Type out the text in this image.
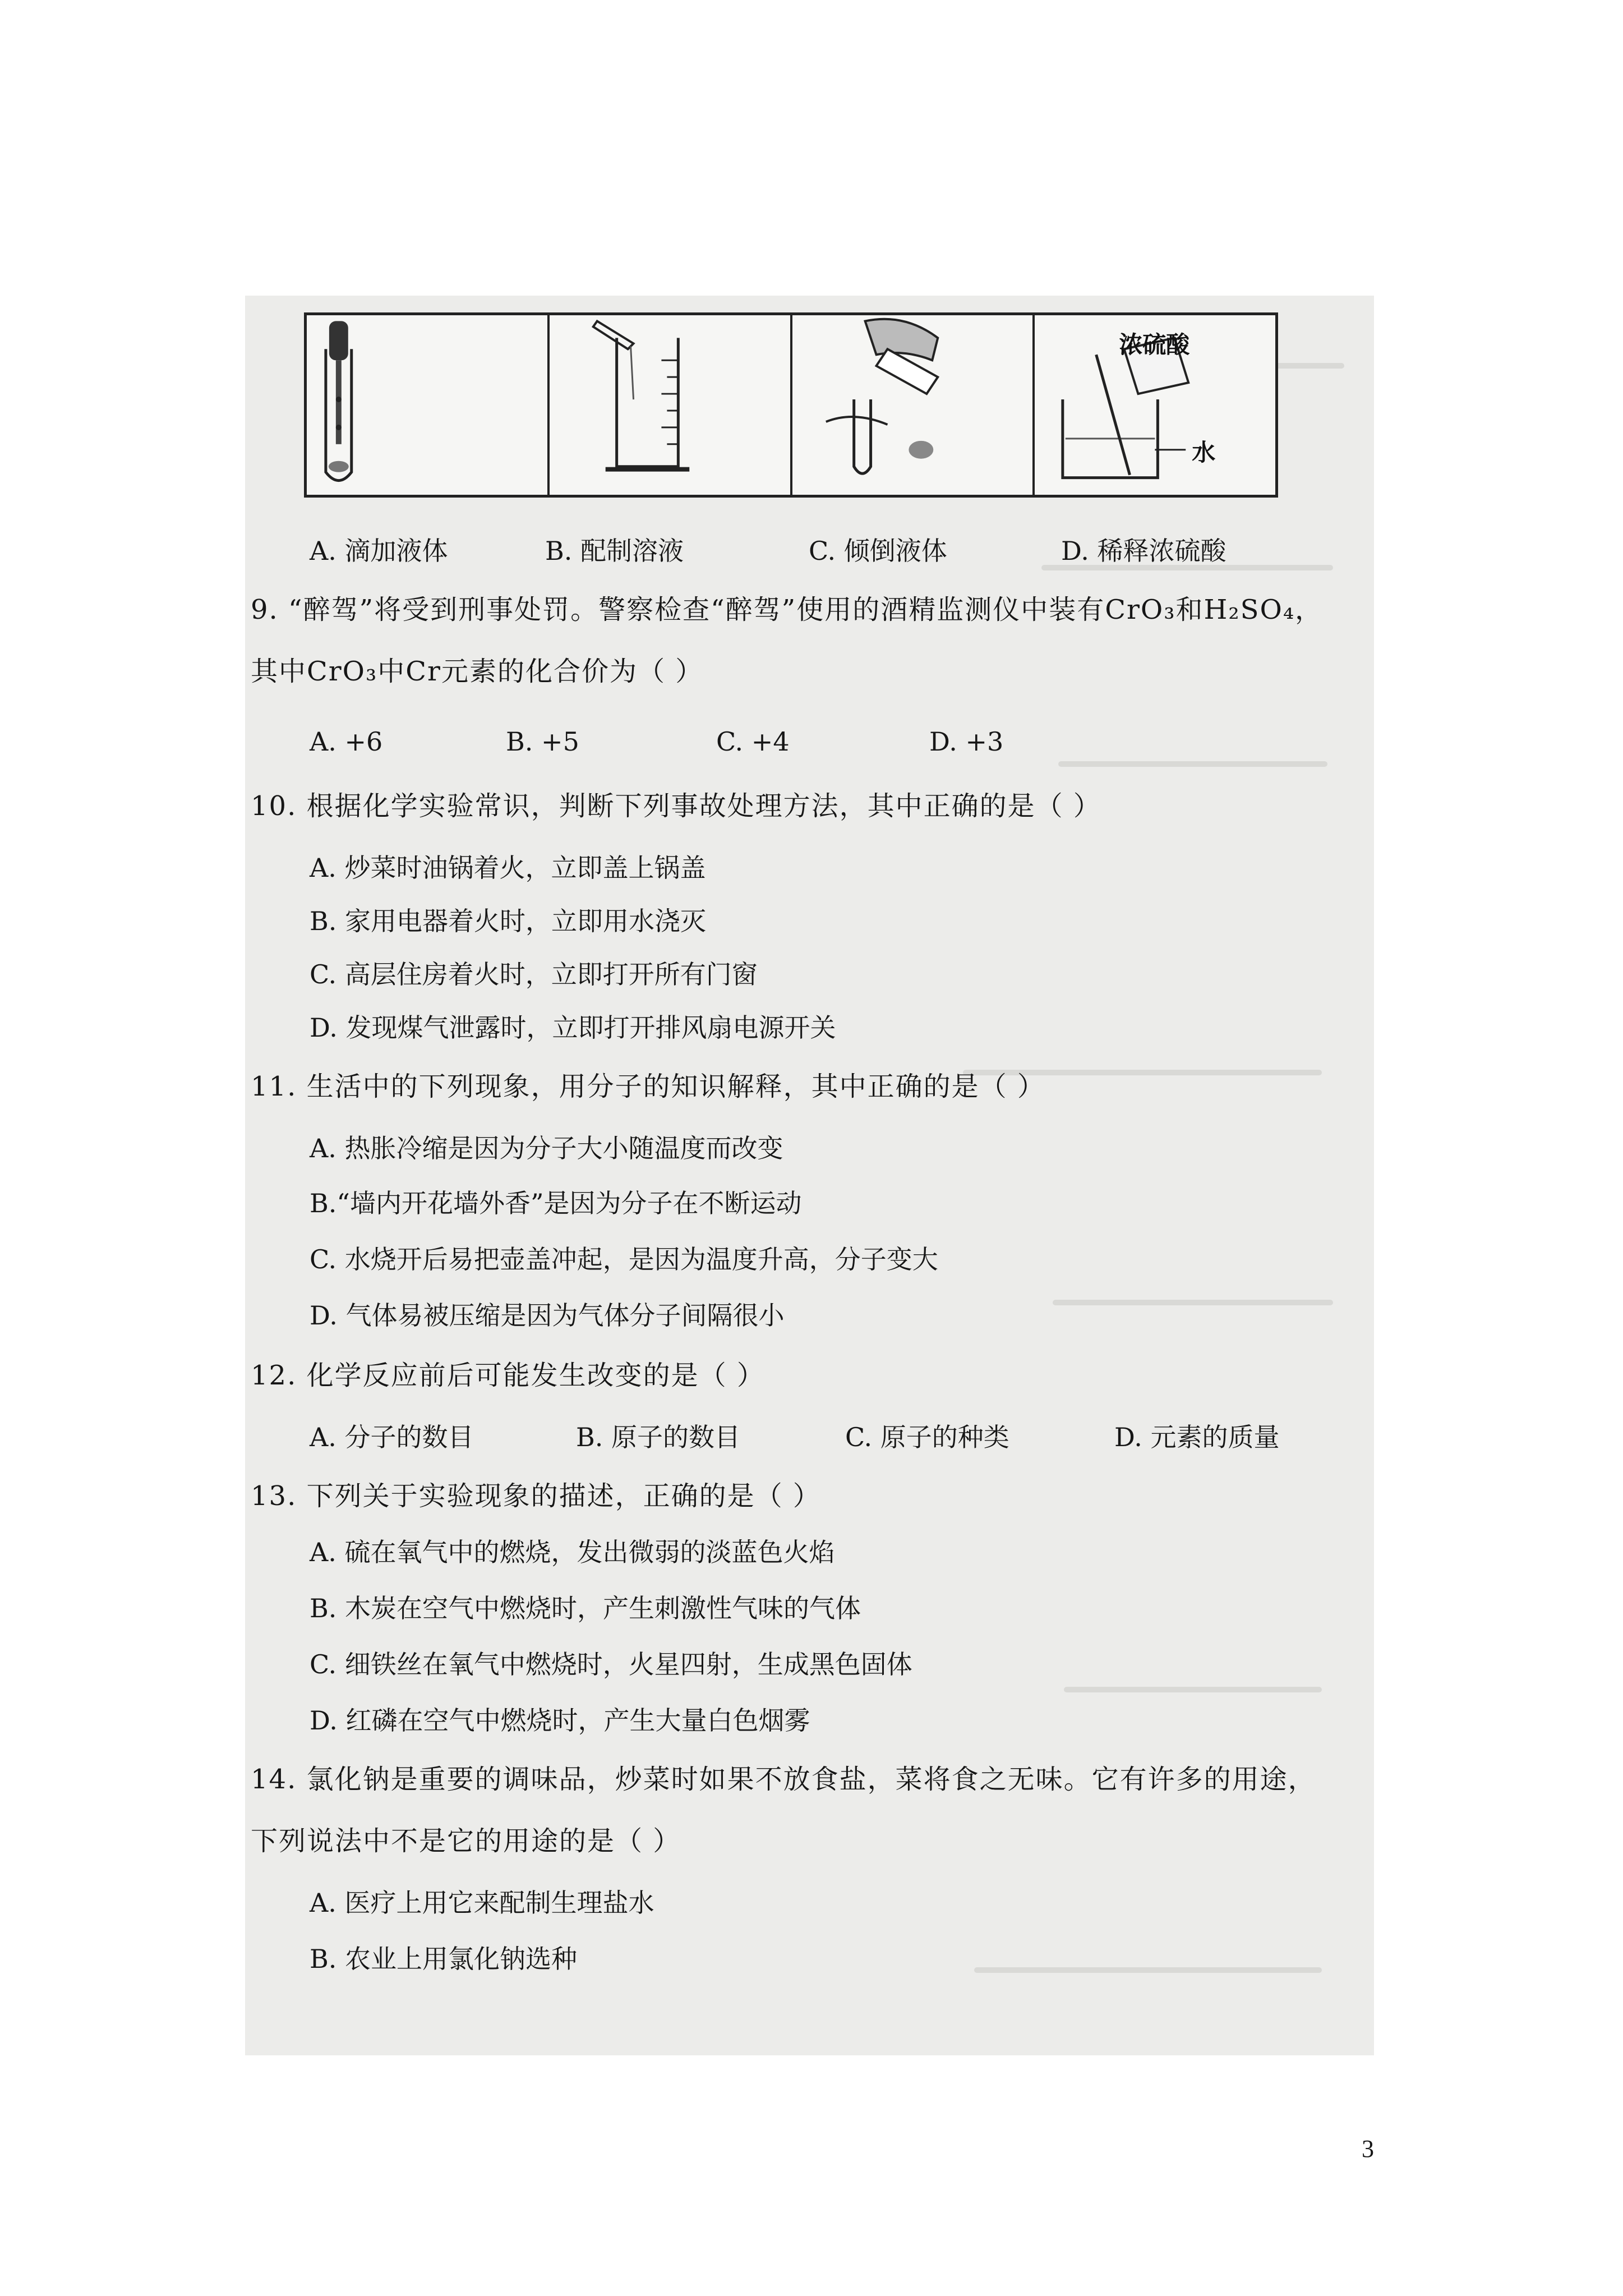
浓硫酸
水
A. 滴加液体	B. 配制溶液	C. 倾倒液体	D. 稀释浓硫酸
9. “醉驾”将受到刑事处罚。警察检查“醉驾”使用的酒精监测仪中装有CrO₃和H₂SO₄，
其中CrO₃中Cr元素的化合价为（ ）
A. +6	B. +5	C. +4	D. +3
10. 根据化学实验常识，判断下列事故处理方法，其中正确的是（ ）
A. 炒菜时油锅着火，立即盖上锅盖
B. 家用电器着火时，立即用水浇灭
C. 高层住房着火时，立即打开所有门窗
D. 发现煤气泄露时，立即打开排风扇电源开关
11. 生活中的下列现象，用分子的知识解释，其中正确的是（ ）
A. 热胀冷缩是因为分子大小随温度而改变
B.“墙内开花墙外香”是因为分子在不断运动
C. 水烧开后易把壶盖冲起，是因为温度升高，分子变大
D. 气体易被压缩是因为气体分子间隔很小
12. 化学反应前后可能发生改变的是（ ）
A. 分子的数目	B. 原子的数目	C. 原子的种类	D. 元素的质量
13. 下列关于实验现象的描述，正确的是（ ）
A. 硫在氧气中的燃烧，发出微弱的淡蓝色火焰
B. 木炭在空气中燃烧时，产生刺激性气味的气体
C. 细铁丝在氧气中燃烧时，火星四射，生成黑色固体
D. 红磷在空气中燃烧时，产生大量白色烟雾
14. 氯化钠是重要的调味品，炒菜时如果不放食盐，菜将食之无味。它有许多的用途，
下列说法中不是它的用途的是（ ）
A. 医疗上用它来配制生理盐水
B. 农业上用氯化钠选种
3
